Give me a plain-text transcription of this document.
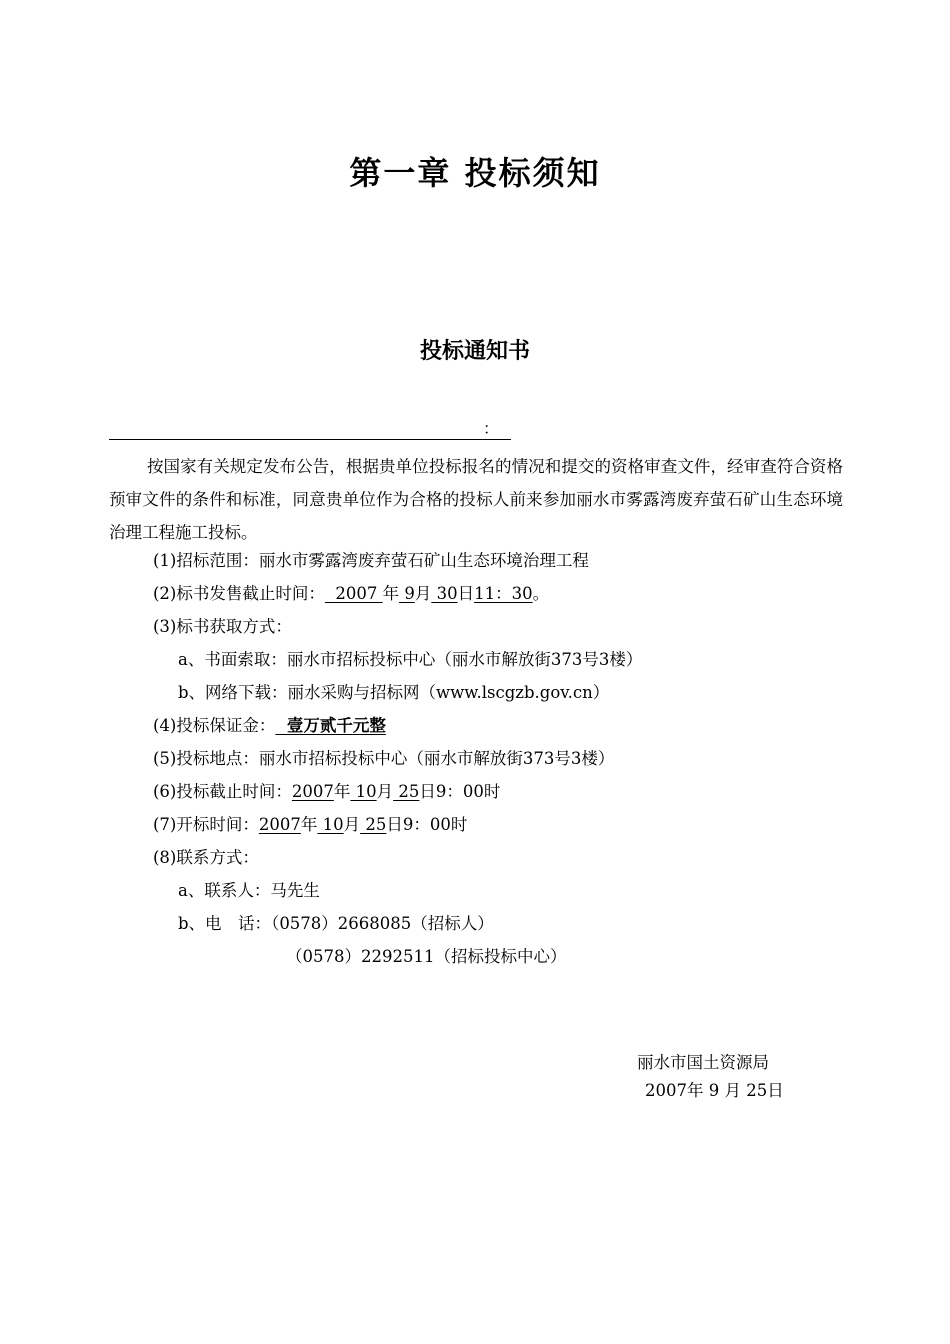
第一章 投标须知
投标通知书
：

按国家有关规定发布公告，根据贵单位投标报名的情况和提交的资格审查文件，经审查符合资格预审文件的条件和标准，同意贵单位作为合格的投标人前来参加丽水市雾露湾废弃萤石矿山生态环境治理工程施工投标。

(1)招标范围：丽水市雾露湾废弃萤石矿山生态环境治理工程
(2)标书发售截止时间：  2007 年 9月 30日11：30。
(3)标书获取方式：
a、书面索取：丽水市招标投标中心（丽水市解放街373号3楼）
b、网络下载：丽水采购与招标网（www.lscgzb.gov.cn）
(4)投标保证金：  壹万贰千元整
(5)投标地点：丽水市招标投标中心（丽水市解放街373号3楼）
(6)投标截止时间：2007年 10月 25日9：00时
(7)开标时间：2007年 10月 25日9：00时
(8)联系方式：
a、联系人：马先生
b、电　话：（0578）2668085（招标人）
（0578）2292511（招标投标中心）
丽水市国土资源局
2007年 9 月 25日
